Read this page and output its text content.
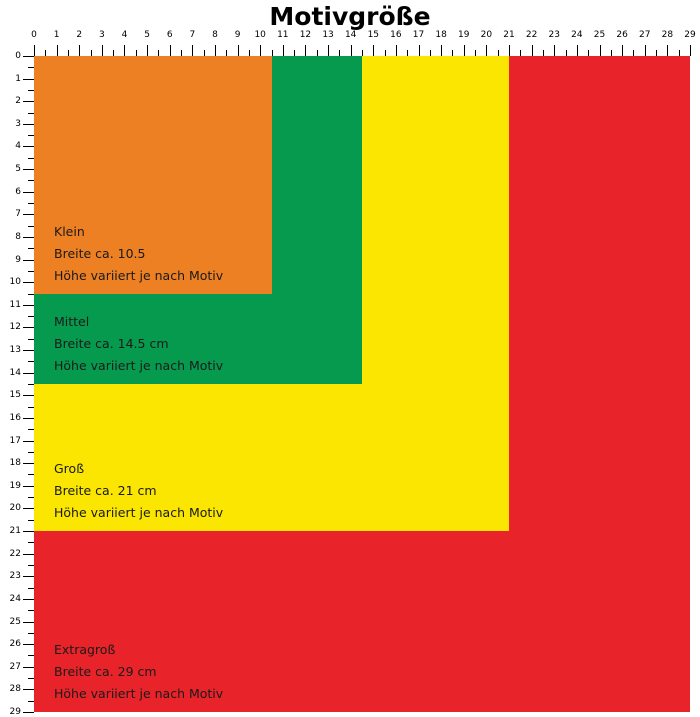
Motivgröße
0 1 2 3 4 5 6 7 8 9 10 11 12 13 14 15 16 17 18 19 20 21 22 23 24 25 26 27 28 29
0
1
2
3
4
5
6
7
8
9
10
11
12
13
14
15
16
17
18
19
20
21
22
23
24
25
26
27
28
29
Extragroß
Breite ca. 29 cm
Höhe variiert je nach Motiv
Groß
Breite ca. 21 cm
Höhe variiert je nach Motiv
Mittel
Breite ca. 14.5 cm
Höhe variiert je nach Motiv
Klein
Breite ca. 10.5
Höhe variiert je nach Motiv
